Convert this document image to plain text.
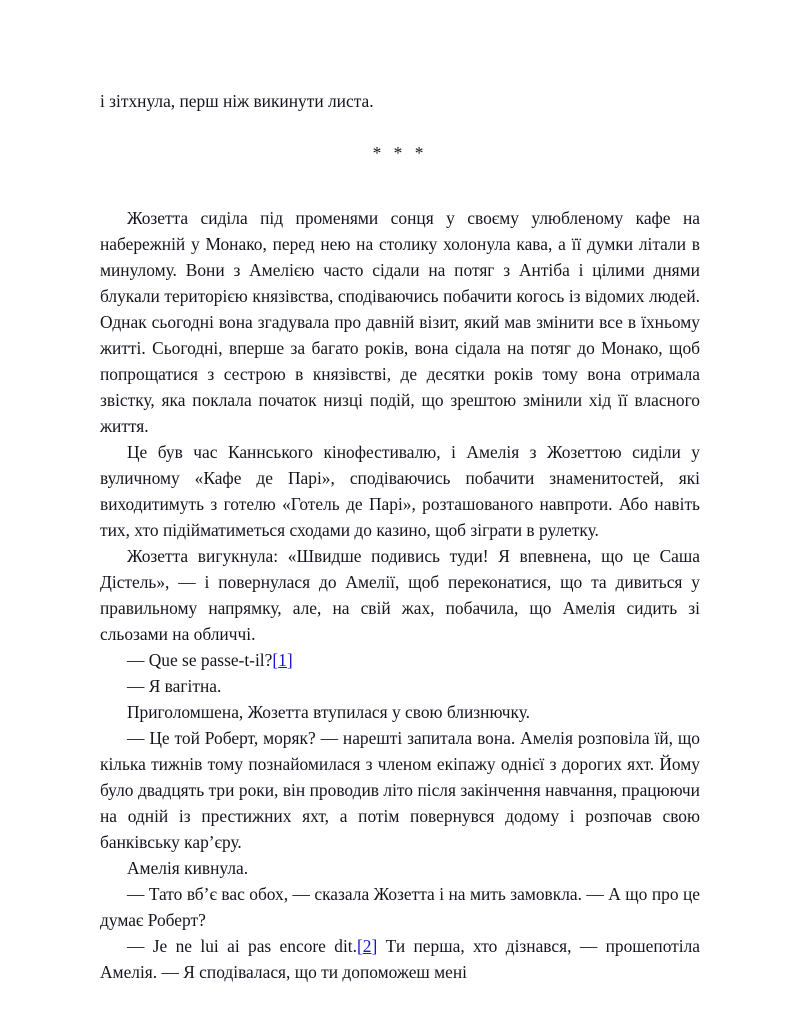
і зітхнула, перш ніж викинути листа.

* * *

Жозетта сиділа під променями сонця у своєму улюбленому кафе на набережній у Монако, перед нею на столику холонула кава, а її думки літали в минулому. Вони з Амелією часто сідали на потяг з Антіба і цілими днями блукали територією князівства, сподіваючись побачити когось із відомих людей. Однак сьогодні вона згадувала про давній візит, який мав змінити все в їхньому житті. Сьогодні, вперше за багато років, вона сідала на потяг до Монако, щоб попрощатися з сестрою в князівстві, де десятки років тому вона отримала звістку, яка поклала початок низці подій, що зрештою змінили хід її власного життя.

Це був час Каннського кінофестивалю, і Амелія з Жозеттою сиділи у вуличному «Кафе де Парі», сподіваючись побачити знаменитостей, які виходитимуть з готелю «Готель де Парі», розташованого навпроти. Або навіть тих, хто підійматиметься сходами до казино, щоб зіграти в рулетку.

Жозетта вигукнула: «Швидше подивись туди! Я впевнена, що це Саша Дістель», — і повернулася до Амелії, щоб переконатися, що та дивиться у правильному напрямку, але, на свій жах, побачила, що Амелія сидить зі сльозами на обличчі.

— Que se passe-t-il?[1]

— Я вагітна.

Приголомшена, Жозетта втупилася у свою близнючку.

— Це той Роберт, моряк? — нарешті запитала вона. Амелія розповіла їй, що кілька тижнів тому познайомилася з членом екіпажу однієї з дорогих яхт. Йому було двадцять три роки, він проводив літо після закінчення навчання, працюючи на одній із престижних яхт, а потім повернувся додому і розпочав свою банківську кар’єру.

Амелія кивнула.

— Тато вб’є вас обох, — сказала Жозетта і на мить замовкла. — А що про це думає Роберт?

— Je ne lui ai pas encore dit.[2] Ти перша, хто дізнався, — прошепотіла Амелія. — Я сподівалася, що ти допоможеш мені
